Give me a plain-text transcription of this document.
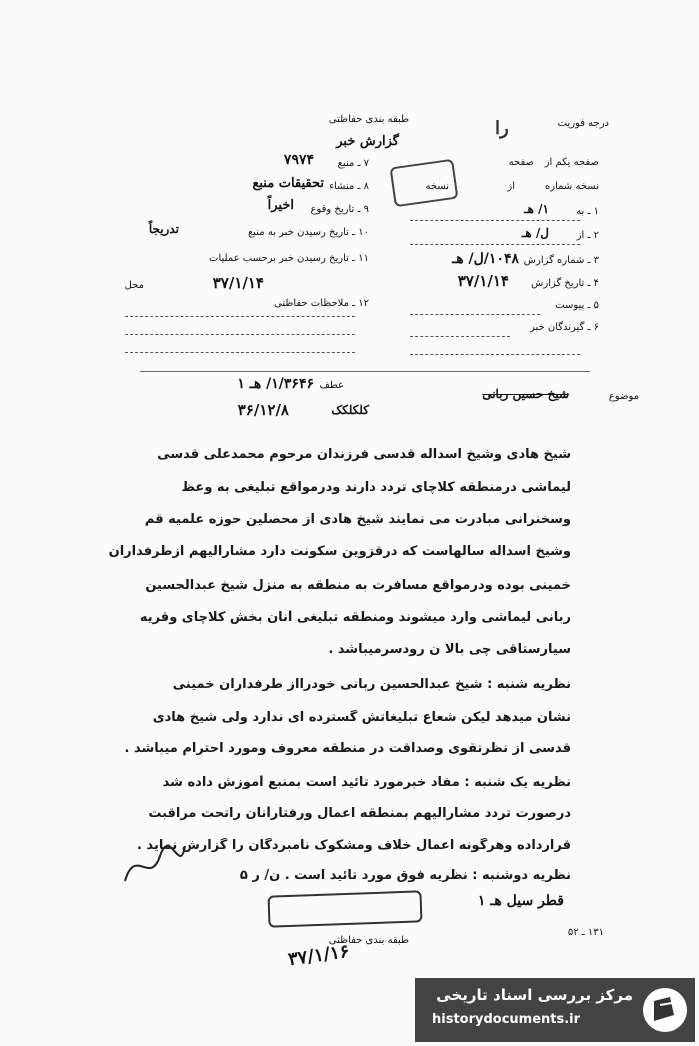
درجه فوریت
طبقه بندی حفاظتی
گزارش خبر
را
صفحه یکم از
صفحه
نسخه شماره
از
نسخه
۱ ـ به
۱/ هـ
۲ ـ از
ل/ هـ
۳ ـ شماره گزارش
۱۰۴۸/ل/ هـ
۴ ـ تاریخ گزارش
۳۷/۱/۱۴
۵ ـ پیوست
۶ ـ گیرندگان خبر
۷ ـ منبع
۷۹۷۴
۸ ـ منشاء
تحقیقات منبع
۹ ـ تاریخ وقوع
اخیراً
۱۰ ـ تاریخ رسیدن خبر به منبع
تدریجاً
۱۱ ـ تاریخ رسیدن خبر برحسب عملیات
محل	۳۷/۱/۱۴
۱۲ ـ ملاحظات حفاظتی
موضوع
شیخ حسین ربانی
عطف
۱/۳۶۴۶/ هـ ۱
کلکلکک
۳۶/۱۲/۸
شیخ هادی وشیخ اسداله قدسی فرزندان مرحوم محمدعلی قدسی
لیماشی درمنطقه کلاچای تردد دارند ودرمواقع تبلیغی به وعظ
وسخنرانی مبادرت می نمایند شیخ هادی از محصلین حوزه علمیه قم
وشیخ اسداله سالهاست که درقزوین سکونت دارد مشارالیهم ازطرفداران
خمینی بوده ودرمواقع مسافرت به منطقه به منزل شیخ عبدالحسین
ربانی لیماشی وارد میشوند ومنطقه تبلیغی آنان بخش کلاچای وقریه
سیارستاقی چی بالا ن رودسرمیباشد .
نظریه شنبه : شیخ عبدالحسین ربانی خودرااز طرفداران خمینی
نشان میدهد لیکن شعاع تبلیغاتش گسترده ای ندارد ولی شیخ هادی
قدسی از نظرتقوی وصداقت در منطقه معروف ومورد احترام میباشد .
نظریه یک شنبه : مفاد خبرمورد تائید است بمنبع آموزش داده شد
درصورت تردد مشارالیهم بمنطقه اعمال ورفتارآنان راتحت مراقبت
قرارداده وهرگونه اعمال خلاف ومشکوک نامبردگان را گزارش نماید .
نظریه دوشنبه : نظریه فوق مورد تائید است . ن/ ر ۵
قطر سیل هـ ۱
طبقه بندی حفاظتی
۳۷/۱/۱۶
۱۳۱ ـ ۵۲
مرکز بررسی اسناد تاریخی
historydocuments.ir
